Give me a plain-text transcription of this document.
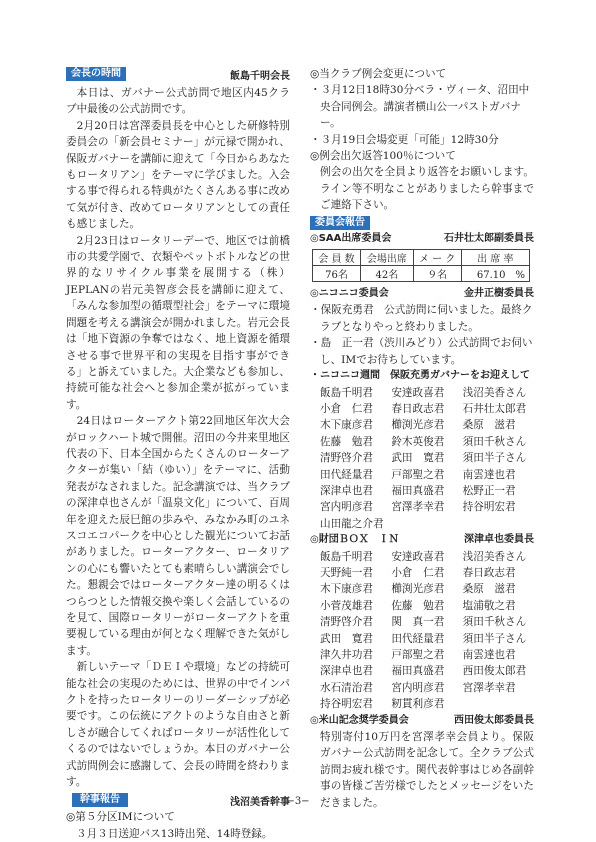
会長の時間	飯島千明会長

本日は、ガバナー公式訪問で地区内45クラブ中最後の公式訪問です。

2月20日は宮澤委員長を中心とした研修特別委員会の「新会員セミナー」が元禄で開かれ、保阪ガバナーを講師に迎えて「今日からあなたもロータリアン」をテーマに学びました。入会する事で得られる特典がたくさんある事に改めて気が付き、改めてロータリアンとしての責任も感じました。

2月23日はロータリーデーで、地区では前橋市の共愛学園で、衣類やペットボトルなどの世界的なリサイクル事業を展開する（株）JEPLANの岩元美智彦会長を講師に迎えて、「みんな参加型の循環型社会」をテーマに環境問題を考える講演会が開かれました。岩元会長は「地下資源の争奪ではなく、地上資源を循環させる事で世界平和の実現を目指す事ができる」と訴えていました。大企業なども参加し、持続可能な社会へと参加企業が拡がっています。

24日はローターアクト第22回地区年次大会がロックハート城で開催。沼田の今井来里地区代表の下、日本全国からたくさんのローターアクターが集い「結（ゆい）」をテーマに、活動発表がなされました。記念講演では、当クラブの深津卓也さんが「温泉文化」について、百周年を迎えた辰巳館の歩みや、みなかみ町のユネスコエコパークを中心とした観光についてお話がありました。ローターアクター、ロータリアンの心にも響いたとても素晴らしい講演会でした。懇親会ではローターアクター達の明るくはつらつとした情報交換や楽しく会話しているのを見て、国際ロータリーがローターアクトを重要視している理由が何となく理解できた気がします。

新しいテーマ「ＤＥＩや環境」などの持続可能な社会の実現のためには、世界の中でインパクトを持ったロータリーのリーダーシップが必要です。この伝統にアクトのような自由さと新しさが融合してくればロータリーが活性化してくるのではないでしょうか。本日のガバナー公式訪問例会に感謝して、会長の時間を終わります。

幹事報告	浅沼美香幹事
◎第５分区IMについて
３月３日送迎バス13時出発、14時登録。
◎当クラブ例会変更について
・３月12日18時30分ベラ・ヴィータ、沼田中央合同例会。講演者横山公一パストガバナー。
・３月19日会場変更「可能」12時30分
◎例会出欠返答100％について

例会の出欠を全員より返答をお願いします。ライン等不明なことがありましたら幹事までご連絡下さい。

委員会報告
◎SAA出席委員会	石井壮太郎副委員長
会 員 数	会場出席	メ ー ク	出 席 率
76名	42名	９名	67.10　%
◎ニコニコ委員会	金井正樹委員長
・保阪充勇君　公式訪問に伺いました。最終クラブとなりやっと終わりました。
・島　正一君（渋川みどり）公式訪問でお伺いし、IMでお待ちしています。
・ニコニコ週間　保阪充勇ガバナーをお迎えして
飯島千明君	安達政喜君	浅沼美香さん
小倉　仁君	春日政志君	石井壮太郎君
木下康彦君	櫛渕光彦君	桑原　滋君
佐藤　勉君	鈴木英俊君	須田千秋さん
清野啓介君	武田　寛君	須田半子さん
田代経量君	戸部聖之君	南雲達也君
深津卓也君	福田真盛君	松野正一君
宮内明彦君	宮澤孝幸君	持谷明宏君
山田龍之介君
◎財団ＢＯＸ　ＩＮ	深津卓也委員長
飯島千明君	安達政喜君	浅沼美香さん
天野純一君	小倉　仁君	春日政志君
木下康彦君	櫛渕光彦君	桑原　滋君
小菅茂雄君	佐藤　勉君	塩浦敬之君
清野啓介君	関　真一君	須田千秋さん
武田　寛君	田代経量君	須田半子さん
津久井功君	戸部聖之君	南雲達也君
深津卓也君	福田真盛君	西田俊太郎君
水石清治君	宮内明彦君	宮澤孝幸君
持谷明宏君	籾貫利彦君
◎米山記念奨学委員会	西田俊太郎委員長

特別寄付10万円を宮澤孝幸会員より。保阪ガバナー公式訪問を記念して。全クラブ公式訪問お疲れ様です。関代表幹事はじめ各副幹事の皆様ご苦労様でしたとメッセージをいただきました。

−3−
